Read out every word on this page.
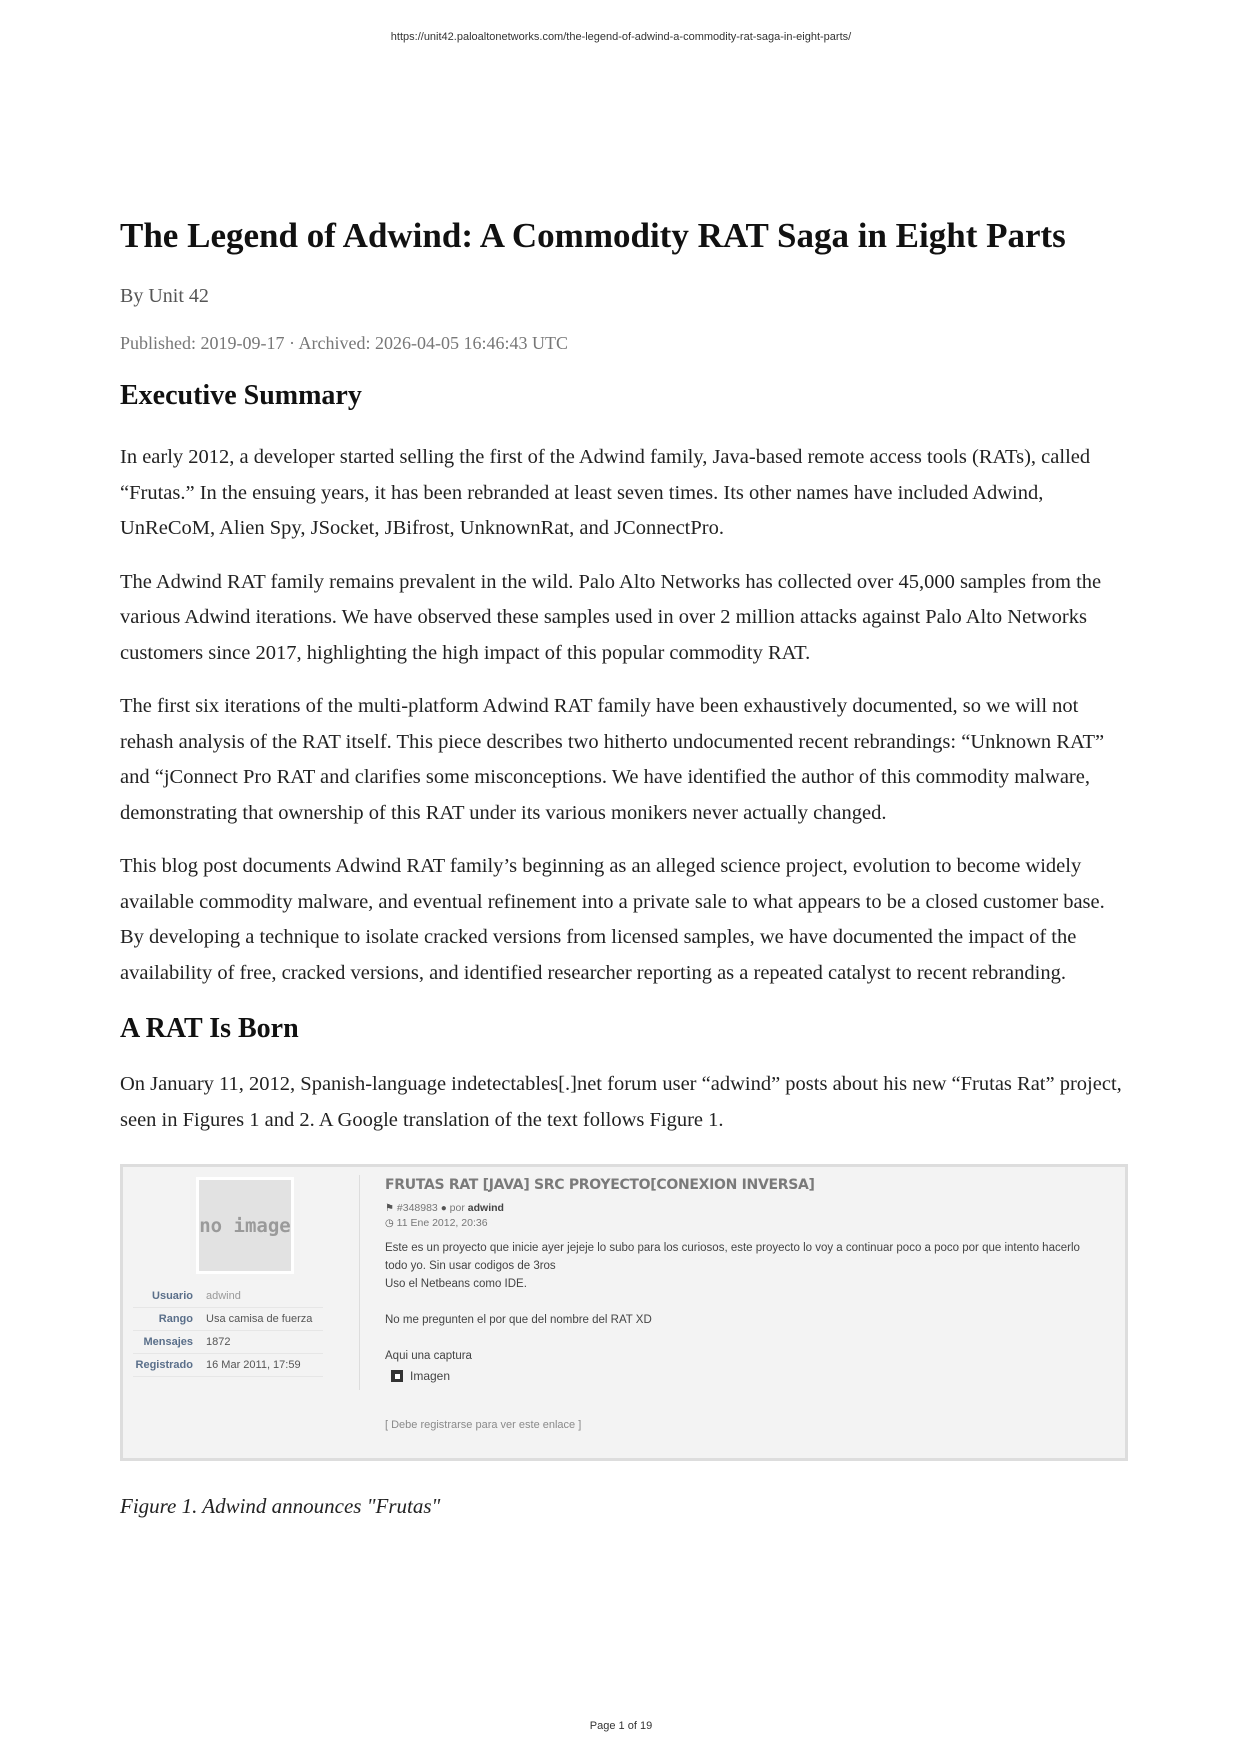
https://unit42.paloaltonetworks.com/the-legend-of-adwind-a-commodity-rat-saga-in-eight-parts/
The Legend of Adwind: A Commodity RAT Saga in Eight Parts
By Unit 42
Published: 2019-09-17 · Archived: 2026-04-05 16:46:43 UTC
Executive Summary

In early 2012, a developer started selling the first of the Adwind family, Java-based remote access tools (RATs), called “Frutas.” In the ensuing years, it has been rebranded at least seven times. Its other names have included Adwind, UnReCoM, Alien Spy, JSocket, JBifrost, UnknownRat, and JConnectPro.

The Adwind RAT family remains prevalent in the wild. Palo Alto Networks has collected over 45,000 samples from the various Adwind iterations. We have observed these samples used in over 2 million attacks against Palo Alto Networks customers since 2017, highlighting the high impact of this popular commodity RAT.

The first six iterations of the multi-platform Adwind RAT family have been exhaustively documented, so we will not rehash analysis of the RAT itself. This piece describes two hitherto undocumented recent rebrandings: “Unknown RAT” and “jConnect Pro RAT and clarifies some misconceptions. We have identified the author of this commodity malware, demonstrating that ownership of this RAT under its various monikers never actually changed.

This blog post documents Adwind RAT family’s beginning as an alleged science project, evolution to become widely available commodity malware, and eventual refinement into a private sale to what appears to be a closed customer base. By developing a technique to isolate cracked versions from licensed samples, we have documented the impact of the availability of free, cracked versions, and identified researcher reporting as a repeated catalyst to recent rebranding.

A RAT Is Born

On January 11, 2012, Spanish-language indetectables[.]net forum user “adwind” posts about his new “Frutas Rat” project, seen in Figures 1 and 2. A Google translation of the text follows Figure 1.

no image
Usuario	adwind
Rango	Usa camisa de fuerza
Mensajes	1872
Registrado	16 Mar 2011, 17:59
FRUTAS RAT [JAVA] SRC PROYECTO[CONEXION INVERSA]
⚑ #348983 ● por adwind
◷ 11 Ene 2012, 20:36
Este es un proyecto que inicie ayer jejeje lo subo para los curiosos, este proyecto lo voy a continuar poco a poco por que intento hacerlo
todo yo. Sin usar codigos de 3ros
Uso el Netbeans como IDE.
No me pregunten el por que del nombre del RAT XD
Aqui una captura
Imagen
[ Debe registrarse para ver este enlace ]
Figure 1. Adwind announces "Frutas"
Page 1 of 19
